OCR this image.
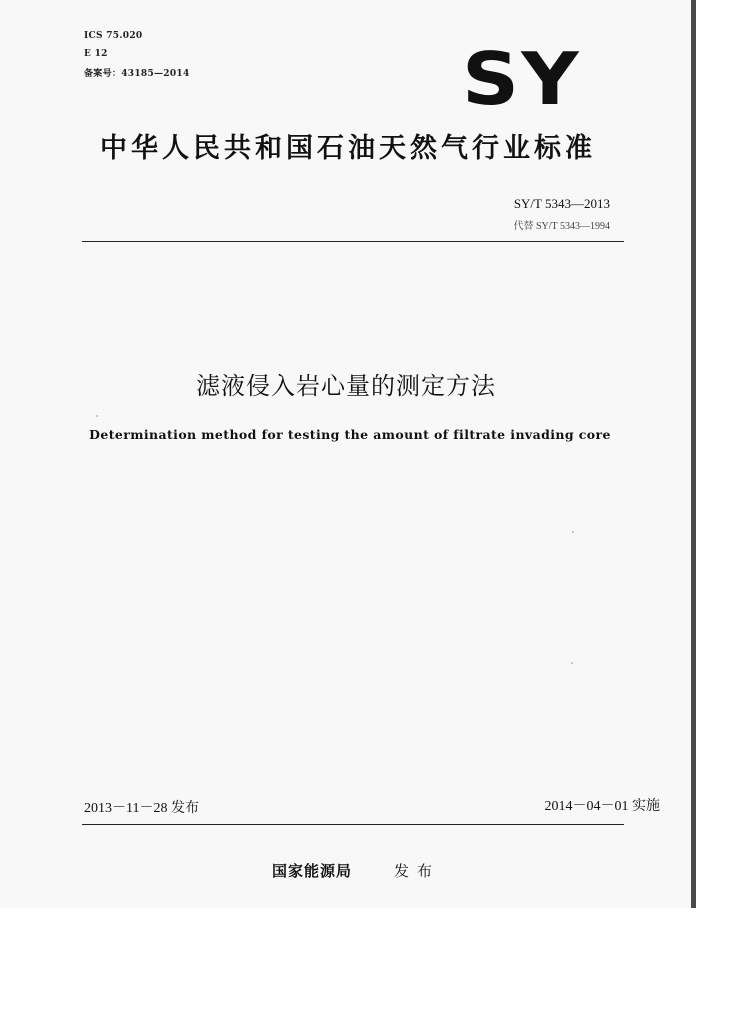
ICS 75.020
E 12
备案号：43185—2014	SY
中华人民共和国石油天然气行业标准
SY/T 5343—2013
代替 SY/T 5343—1994
滤液侵入岩心量的测定方法
Determination method for testing the amount of filtrate invading core
2013－11－28 发布	2014－04－01 实施
国家能源局	发布
